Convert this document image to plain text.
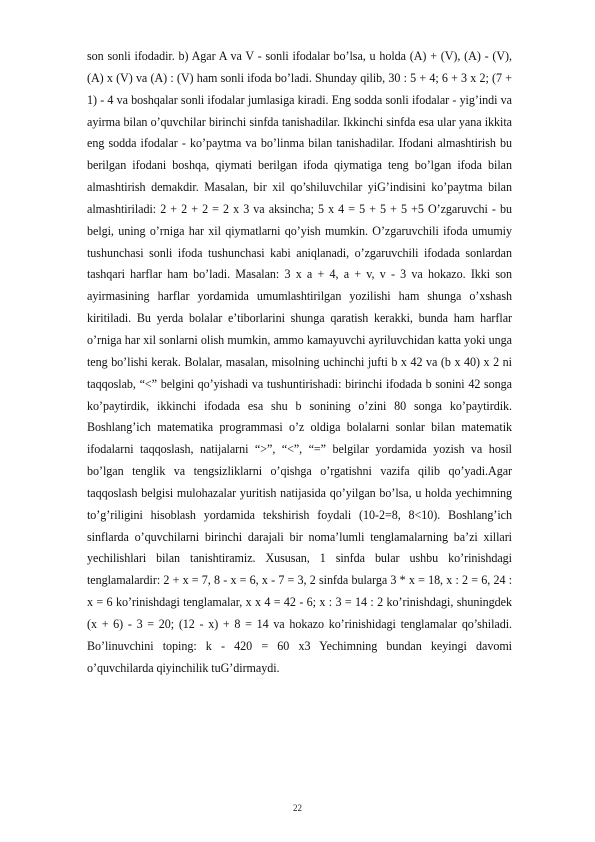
son sonli ifodadir. b) Agar A va V - sonli ifodalar bo’lsa, u holda (A) + (V), (A) - (V), (A) x (V) va (A) : (V) ham sonli ifoda bo’ladi. Shunday qilib, 30 : 5 + 4; 6 + 3 x 2; (7 + 1) - 4 va boshqalar sonli ifodalar jumlasiga kiradi. Eng sodda sonli ifodalar - yig’indi va ayirma bilan o’quvchilar birinchi sinfda tanishadilar. Ikkinchi sinfda esa ular yana ikkita eng sodda ifodalar - ko’paytma va bo’linma bilan tanishadilar. Ifodani almashtirish bu berilgan ifodani boshqa, qiymati berilgan ifoda qiymatiga teng bo’lgan ifoda bilan almashtirish demakdir. Masalan, bir xil qo’shiluvchilar yiG’indisini ko’paytma bilan almashtiriladi: 2 + 2 + 2 = 2 x 3 va aksincha; 5 x 4 = 5 + 5 + 5 +5 O’zgaruvchi - bu belgi, uning o’rniga har xil qiymatlarni qo’yish mumkin. O’zgaruvchili ifoda umumiy tushunchasi sonli ifoda tushunchasi kabi aniqlanadi, o’zgaruvchili ifodada sonlardan tashqari harflar ham bo’ladi. Masalan: 3 x a + 4, a + v, v - 3 va hokazo. Ikki son ayirmasining harflar yordamida umumlashtirilgan yozilishi ham shunga o’xshash kiritiladi. Bu yerda bolalar e’tiborlarini shunga qaratish kerakki, bunda ham harflar o’rniga har xil sonlarni olish mumkin, ammo kamayuvchi ayriluvchidan katta yoki unga teng bo’lishi kerak. Bolalar, masalan, misolning uchinchi jufti b x 42 va (b x 40) x 2 ni taqqoslab, “<” belgini qo’yishadi va tushuntirishadi: birinchi ifodada b sonini 42 songa ko’paytirdik, ikkinchi ifodada esa shu b sonining o’zini 80 songa ko’paytirdik. Boshlang’ich matematika programmasi o’z oldiga bolalarni sonlar bilan matematik ifodalarni taqqoslash, natijalarni “>”, “<”, “=” belgilar yordamida yozish va hosil bo’lgan tenglik va tengsizliklarni o’qishga o’rgatishni vazifa qilib qo’yadi.Agar taqqoslash belgisi mulohazalar yuritish natijasida qo’yilgan bo’lsa, u holda yechimning to’g’riligini hisoblash yordamida tekshirish foydali (10-2=8, 8<10). Boshlang’ich sinflarda o’quvchilarni birinchi darajali bir noma’lumli tenglamalarning ba’zi xillari yechilishlari bilan tanishtiramiz. Xususan, 1 sinfda bular ushbu ko’rinishdagi tenglamalardir: 2 + x = 7, 8 - x = 6, x - 7 = 3, 2 sinfda bularga 3 * x = 18, x : 2 = 6, 24 : x = 6 ko’rinishdagi tenglamalar, x x 4 = 42 - 6; x : 3 = 14 : 2 ko’rinishdagi, shuningdek (x + 6) - 3 = 20; (12 - x) + 8 = 14 va hokazo ko’rinishidagi tenglamalar qo’shiladi. Bo’linuvchini toping: k - 420 = 60 x3 Yechimning bundan keyingi davomi o’quvchilarda qiyinchilik tuG’dirmaydi.

22
